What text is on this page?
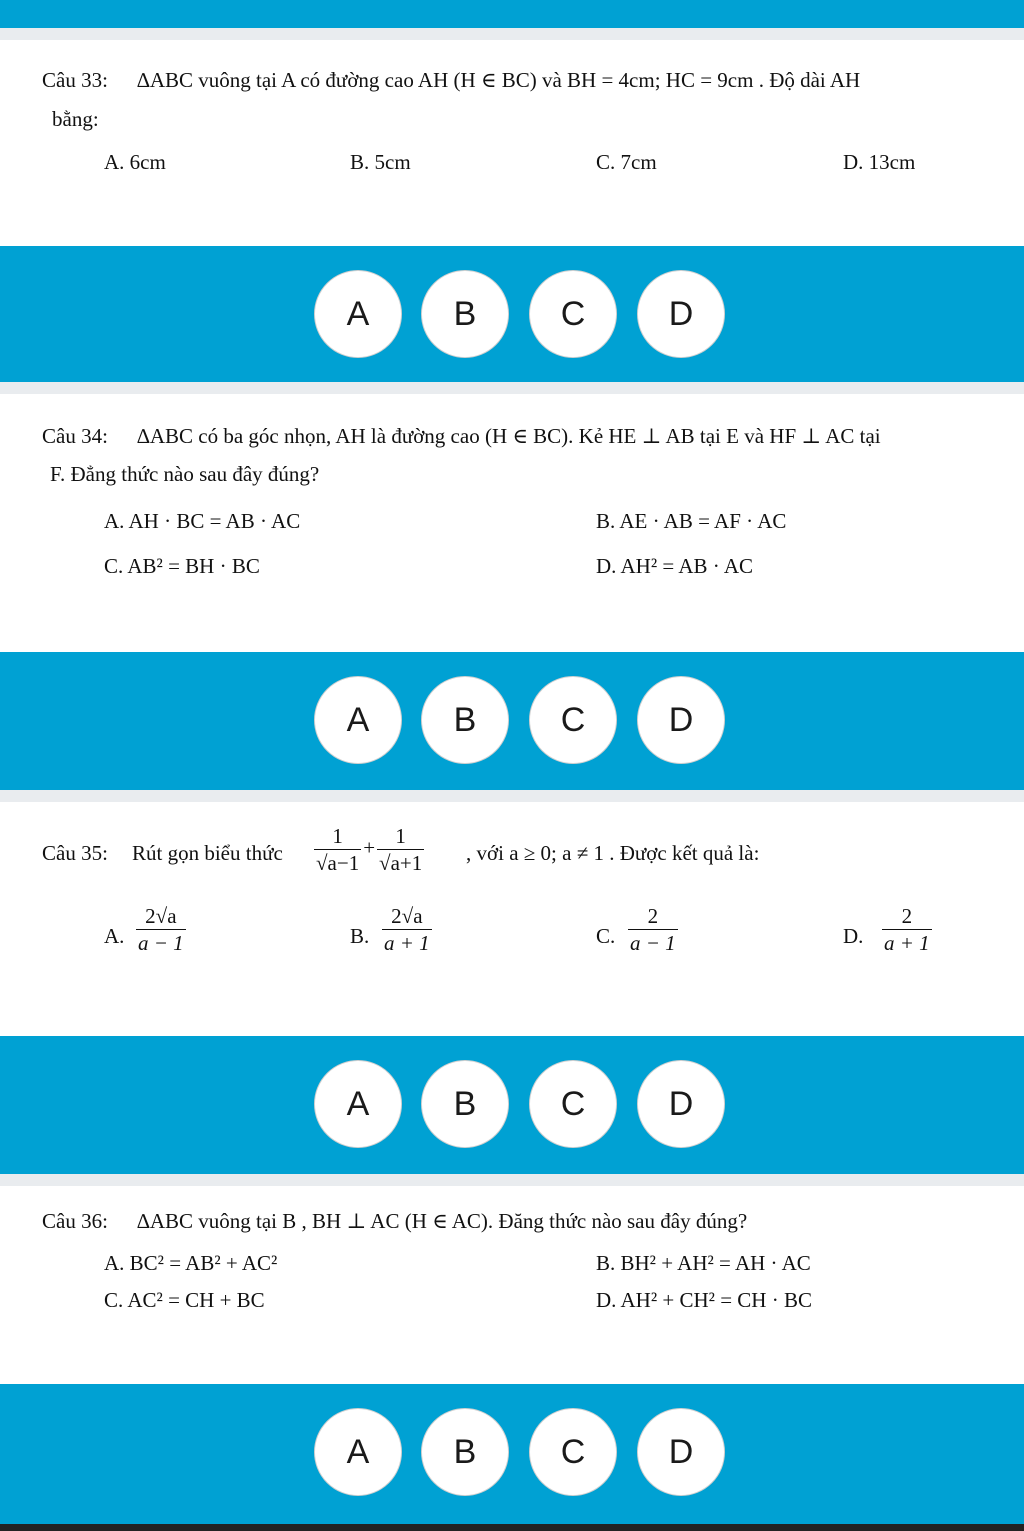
Câu 33: ∆ABC vuông tại A có đường cao AH (H ∈ BC) và BH = 4cm; HC = 9cm . Độ dài AH
bằng:
A. 6cm	B. 5cm	C. 7cm	D. 13cm
A	B	C	D
Câu 34: ∆ABC có ba góc nhọn, AH là đường cao (H ∈ BC). Kẻ HE ⊥ AB tại E và HF ⊥ AC tại
F. Đẳng thức nào sau đây đúng?
A. AH · BC = AB · AC	B. AE · AB = AF · AC
C. AB² = BH · BC	D. AH² = AB · AC
A	B	C	D
Câu 35: Rút gọn biểu thức $\frac{1}{√a-1} + \frac{1}{√a+1}$ , với a ≥ 0; a ≠ 1 . Được kết quả là:
A. $\frac{2√a}{a - 1}$	B. $\frac{2√a}{a + 1}$	C. $\frac{2}{a - 1}$	D. $\frac{2}{a + 1}$
A	B	C	D
Câu 36: ∆ABC vuông tại B , BH ⊥ AC (H ∈ AC). Đăng thức nào sau đây đúng?
A. BC² = AB² + AC²	B. BH² + AH² = AH · AC
C. AC² = CH + BC	D. AH² + CH² = CH · BC
A	B	C	D
